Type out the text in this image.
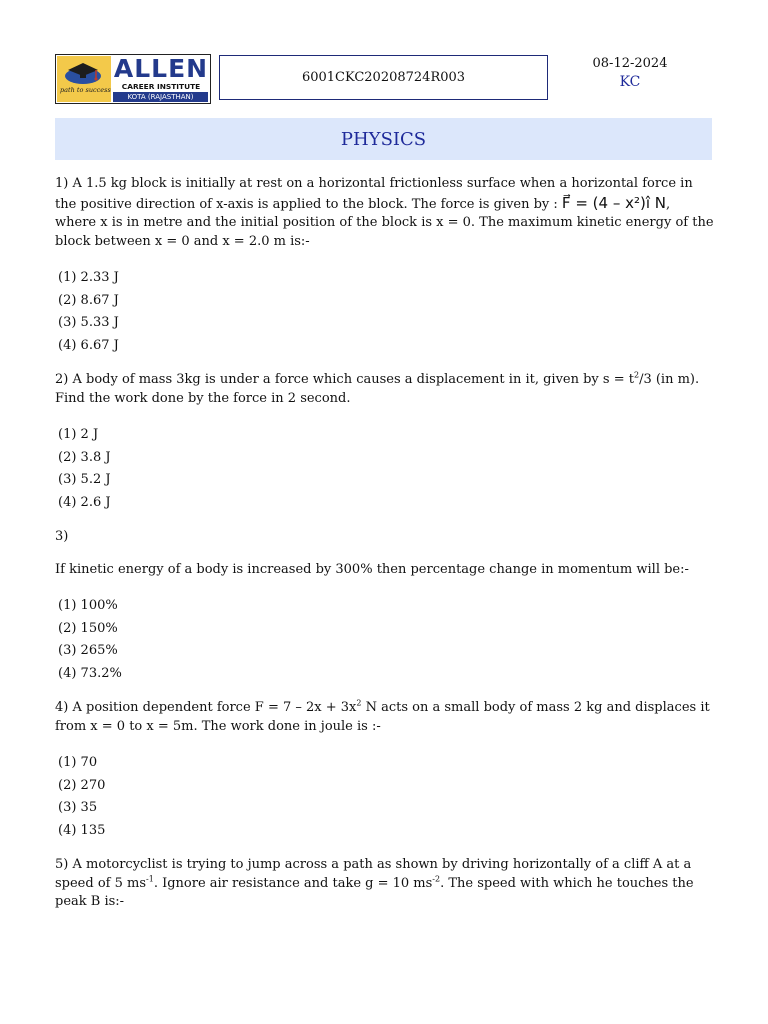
path to success
ALLEN
CAREER INSTITUTE
KOTA (RAJASTHAN)
6001CKC20208724R003
08-12-2024
KC
PHYSICS
1) A 1.5 kg block is initially at rest on a horizontal frictionless surface when a horizontal force in the positive direction of x-axis is applied to the block. The force is given by : F⃗ = (4 – x²)î N, where x is in metre and the initial position of the block is x = 0. The maximum kinetic energy of the block between x = 0 and x = 2.0 m is:-
(1) 2.33 J
(2) 8.67 J
(3) 5.33 J
(4) 6.67 J
2) A body of mass 3kg is under a force which causes a displacement in it, given by $s = t^2/3$ (in m). Find the work done by the force in 2 second.
(1) 2 J
(2) 3.8 J
(3) 5.2 J
(4) 2.6 J
3)
If kinetic energy of a body is increased by 300% then percentage change in momentum will be:-
(1) 100%
(2) 150%
(3) 265%
(4) 73.2%
4) A position dependent force $F = 7 - 2x + 3x^2$ N acts on a small body of mass 2 kg and displaces it from x = 0 to x = 5m. The work done in joule is :-
(1) 70
(2) 270
(3) 35
(4) 135
5) A motorcyclist is trying to jump across a path as shown by driving horizontally of a cliff A at a speed of 5 $ms^{-1}$. Ignore air resistance and take g = 10 $ms^{-2}$. The speed with which he touches the peak B is:-
